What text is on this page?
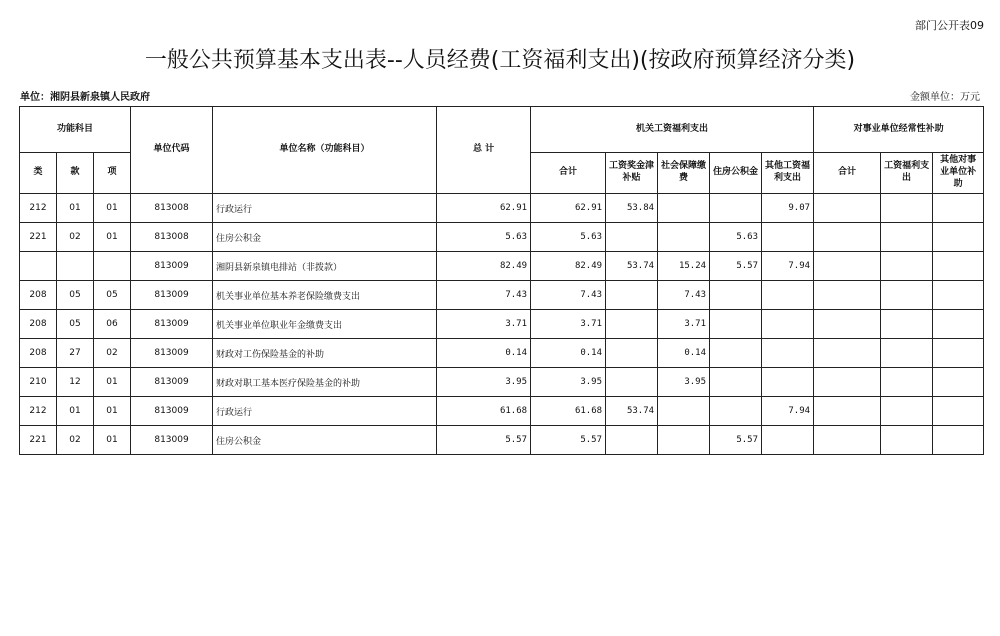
部门公开表09
一般公共预算基本支出表--人员经费(工资福利支出)(按政府预算经济分类)
单位：湘阴县新泉镇人民政府	金额单位：万元
功能科目			单位代码	单位名称（功能科目）	总 计	机关工资福利支出					对事业单位经常性补助		
类	款	项				合计	工资奖金津补贴	社会保障缴费	住房公积金	其他工资福利支出	合计	工资福利支出	其他对事业单位补助
212	01	01	813008	行政运行	62.91	62.91	53.84			9.07			
221	02	01	813008	住房公积金	5.63	5.63			5.63				
			813009	湘阴县新泉镇电排站（非拨款）	82.49	82.49	53.74	15.24	5.57	7.94			
208	05	05	813009	机关事业单位基本养老保险缴费支出	7.43	7.43		7.43					
208	05	06	813009	机关事业单位职业年金缴费支出	3.71	3.71		3.71					
208	27	02	813009	财政对工伤保险基金的补助	0.14	0.14		0.14					
210	12	01	813009	财政对职工基本医疗保险基金的补助	3.95	3.95		3.95					
212	01	01	813009	行政运行	61.68	61.68	53.74			7.94			
221	02	01	813009	住房公积金	5.57	5.57			5.57				
